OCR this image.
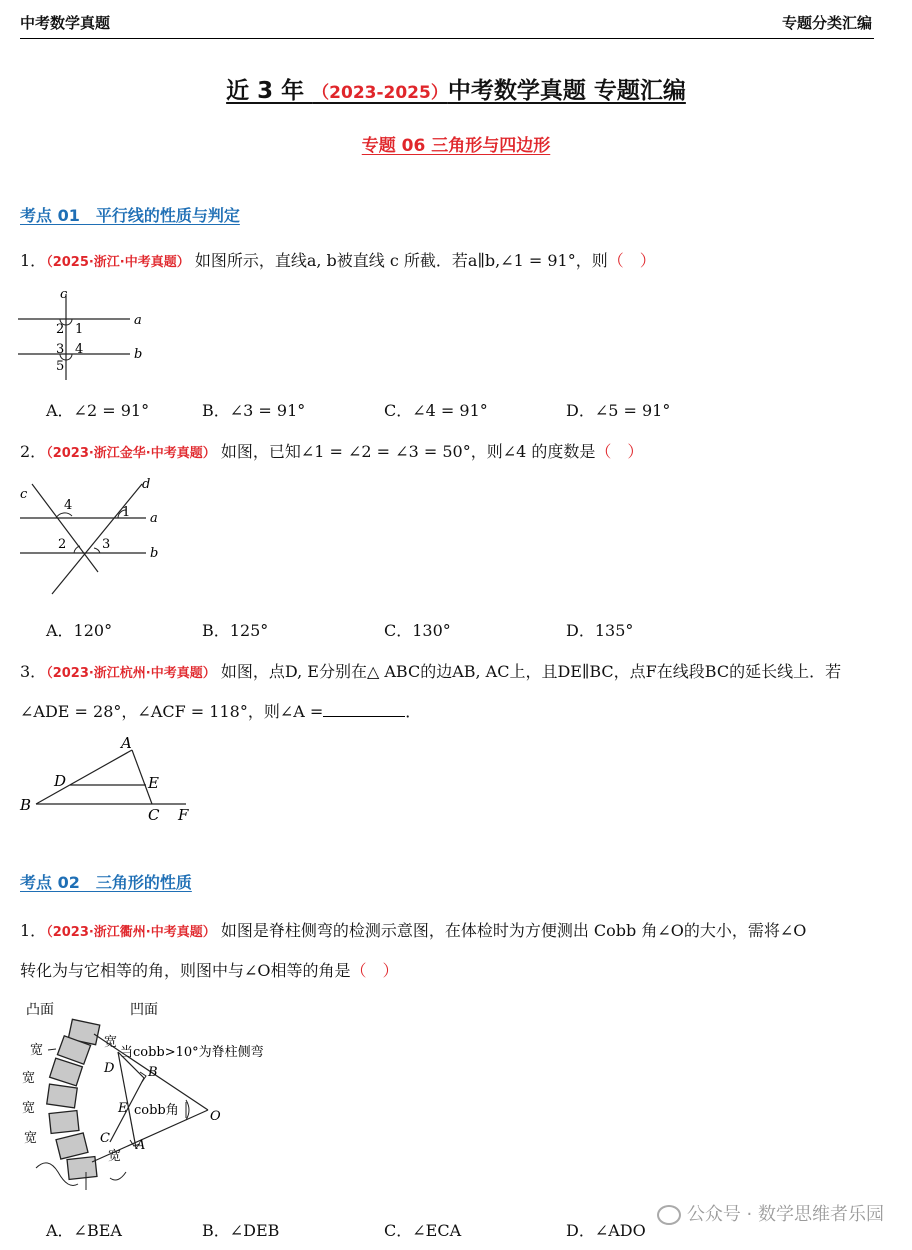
中考数学真题	专题分类汇编
近 3 年 （2023-2025）中考数学真题 专题汇编
专题 06 三角形与四边形
考点 01　平行线的性质与判定
1．（2025·浙江·中考真题） 如图所示，直线a, b被直线 c 所截．若a∥b,∠1 = 91°，则（　）
c
a
b
2 1
3 4
5
A．∠2 = 91°	B．∠3 = 91°	C．∠4 = 91°	D．∠5 = 91°
2．（2023·浙江金华·中考真题） 如图，已知∠1 = ∠2 = ∠3 = 50°，则∠4 的度数是（　）
c
d
a
b
4	1
2	3
A．120°	B．125°	C．130°	D．135°
3．（2023·浙江杭州·中考真题） 如图，点D, E分别在△ ABC的边AB, AC上，且DE∥BC，点F在线段BC的延长线上．若
∠ADE = 28°，∠ACF = 118°，则∠A =	．
A
D	E
B
C F
考点 02　三角形的性质
1．（2023·浙江衢州·中考真题） 如图是脊柱侧弯的检测示意图，在体检时为方便测出 Cobb 角∠O的大小，需将∠O
转化为与它相等的角，则图中与∠O相等的角是（　）
凸面	凹面
宽
宽
宽
宽
宽
宽
当cobb>10°为脊柱侧弯
cobb角
D	B
E
C A
O
A．∠BEA	B．∠DEB	C．∠ECA	D．∠ADO
公众号 · 数学思维者乐园
